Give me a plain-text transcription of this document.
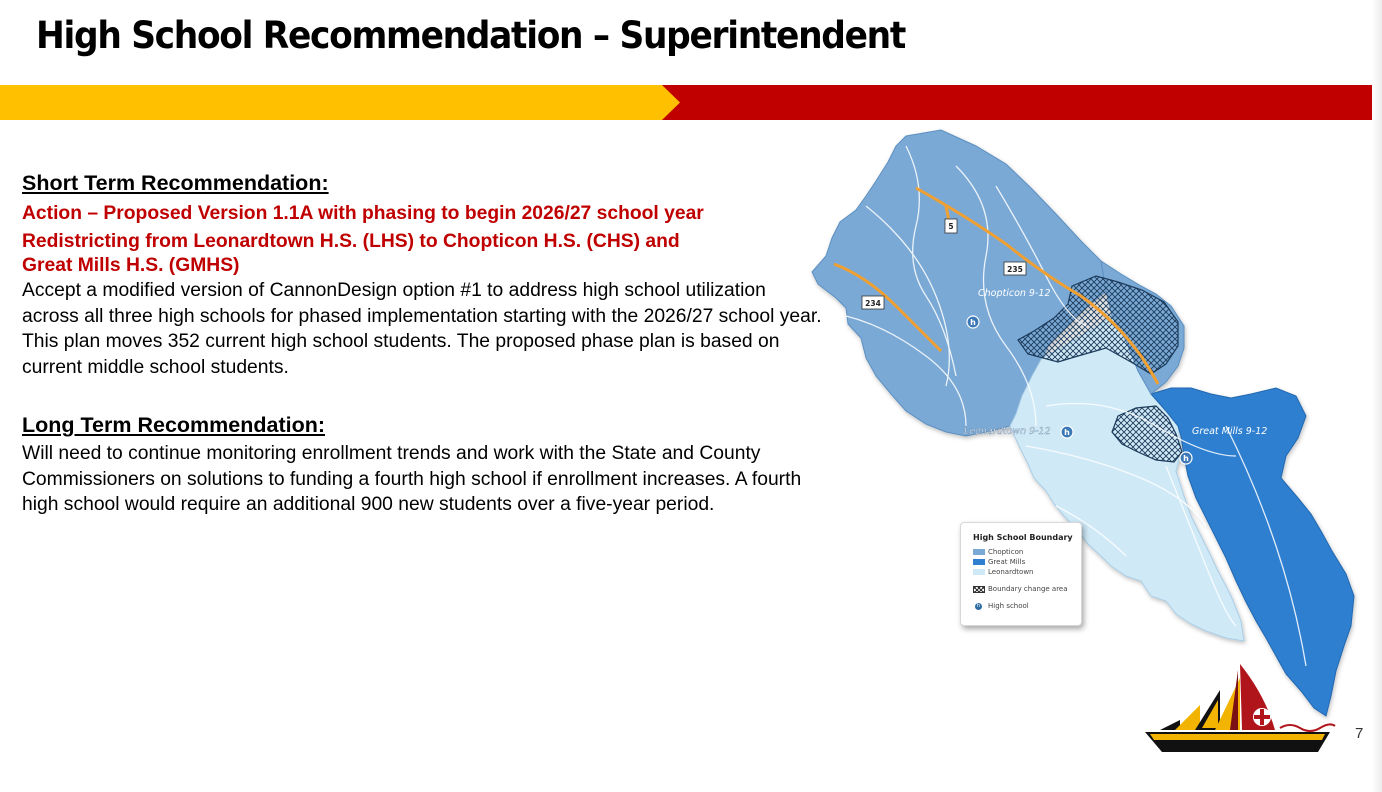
High School Recommendation – Superintendent

Short Term Recommendation:

Action – Proposed Version 1.1A with phasing to begin 2026/27 school year

Redistricting from Leonardtown H.S. (LHS) to Chopticon H.S. (CHS) and

Great Mills H.S. (GMHS)

Accept a modified version of CannonDesign option #1 to address high school utilization across all three high schools for phased implementation starting with the 2026/27 school year. This plan moves 352 current high school students. The proposed phase plan is based on current middle school students.

Long Term Recommendation:

Will need to continue monitoring enrollment trends and work with the State and County Commissioners on solutions to funding a fourth high school if enrollment increases. A fourth high school would require an additional 900 new students over a five-year period.

5
234
235
Chopticon 9-12
Leonardtown 9-12	Great Mills 9-12
h
h
h
High School Boundary
Chopticon
Great Mills
Leonardtown
Boundary change area
h High school
7
